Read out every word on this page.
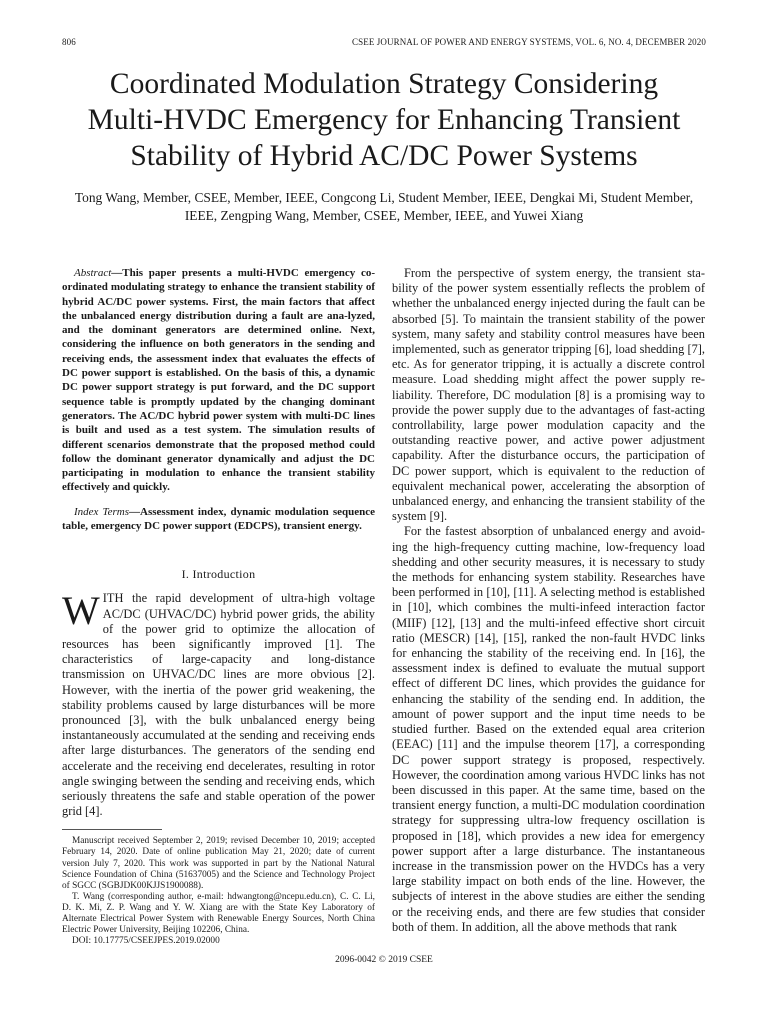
806	CSEE JOURNAL OF POWER AND ENERGY SYSTEMS, VOL. 6, NO. 4, DECEMBER 2020
Coordinated Modulation Strategy Considering
Multi-HVDC Emergency for Enhancing Transient
Stability of Hybrid AC/DC Power Systems
Tong Wang, Member, CSEE, Member, IEEE, Congcong Li, Student Member, IEEE, Dengkai Mi, Student Member,
IEEE, Zengping Wang, Member, CSEE, Member, IEEE, and Yuwei Xiang

Abstract—This paper presents a multi-HVDC emergency co-ordinated modulating strategy to enhance the transient stability of hybrid AC/DC power systems. First, the main factors that affect the unbalanced energy distribution during a fault are ana-lyzed, and the dominant generators are determined online. Next, considering the influence on both generators in the sending and receiving ends, the assessment index that evaluates the effects of DC power support is established. On the basis of this, a dynamic DC power support strategy is put forward, and the DC support sequence table is promptly updated by the changing dominant generators. The AC/DC hybrid power system with multi-DC lines is built and used as a test system. The simulation results of different scenarios demonstrate that the proposed method could follow the dominant generator dynamically and adjust the DC participating in modulation to enhance the transient stability effectively and quickly.

Index Terms—Assessment index, dynamic modulation sequence table, emergency DC power support (EDCPS), transient energy.

I. Introduction

WITH the rapid development of ultra-high voltage AC/DC (UHVAC/DC) hybrid power grids, the ability of the power grid to optimize the allocation of resources has been significantly improved [1]. The characteristics of large-capacity and long-distance transmission on UHVAC/DC lines are more obvious [2]. However, with the inertia of the power grid weakening, the stability problems caused by large disturbances will be more pronounced [3], with the bulk unbalanced energy being instantaneously accumulated at the sending and receiving ends after large disturbances. The generators of the sending end accelerate and the receiving end decelerates, resulting in rotor angle swinging between the sending and receiving ends, which seriously threatens the safe and stable operation of the power grid [4].

Manuscript received September 2, 2019; revised December 10, 2019; accepted February 14, 2020. Date of online publication May 21, 2020; date of current version July 7, 2020. This work was supported in part by the National Natural Science Foundation of China (51637005) and the Science and Technology Project of SGCC (SGBJDK00KJJS1900088).

T. Wang (corresponding author, e-mail: hdwangtong@ncepu.edu.cn), C. C. Li, D. K. Mi, Z. P. Wang and Y. W. Xiang are with the State Key Laboratory of Alternate Electrical Power System with Renewable Energy Sources, North China Electric Power University, Beijing 102206, China.

DOI: 10.17775/CSEEJPES.2019.02000

From the perspective of system energy, the transient sta-bility of the power system essentially reflects the problem of whether the unbalanced energy injected during the fault can be absorbed [5]. To maintain the transient stability of the power system, many safety and stability control measures have been implemented, such as generator tripping [6], load shedding [7], etc. As for generator tripping, it is actually a discrete control measure. Load shedding might affect the power supply re-liability. Therefore, DC modulation [8] is a promising way to provide the power supply due to the advantages of fast-acting controllability, large power modulation capacity and the outstanding reactive power, and active power adjustment capability. After the disturbance occurs, the participation of DC power support, which is equivalent to the reduction of equivalent mechanical power, accelerating the absorption of unbalanced energy, and enhancing the transient stability of the system [9].

For the fastest absorption of unbalanced energy and avoid-ing the high-frequency cutting machine, low-frequency load shedding and other security measures, it is necessary to study the methods for enhancing system stability. Researches have been performed in [10], [11]. A selecting method is established in [10], which combines the multi-infeed interaction factor (MIIF) [12], [13] and the multi-infeed effective short circuit ratio (MESCR) [14], [15], ranked the non-fault HVDC links for enhancing the stability of the receiving end. In [16], the assessment index is defined to evaluate the mutual support effect of different DC lines, which provides the guidance for enhancing the stability of the sending end. In addition, the amount of power support and the input time needs to be studied further. Based on the extended equal area criterion (EEAC) [11] and the impulse theorem [17], a corresponding DC power support strategy is proposed, respectively. However, the coordination among various HVDC links has not been discussed in this paper. At the same time, based on the transient energy function, a multi-DC modulation coordination strategy for suppressing ultra-low frequency oscillation is proposed in [18], which provides a new idea for emergency power support after a large disturbance. The instantaneous increase in the transmission power on the HVDCs has a very large stability impact on both ends of the line. However, the subjects of interest in the above studies are either the sending or the receiving ends, and there are few studies that consider both of them. In addition, all the above methods that rank

2096-0042 © 2019 CSEE
